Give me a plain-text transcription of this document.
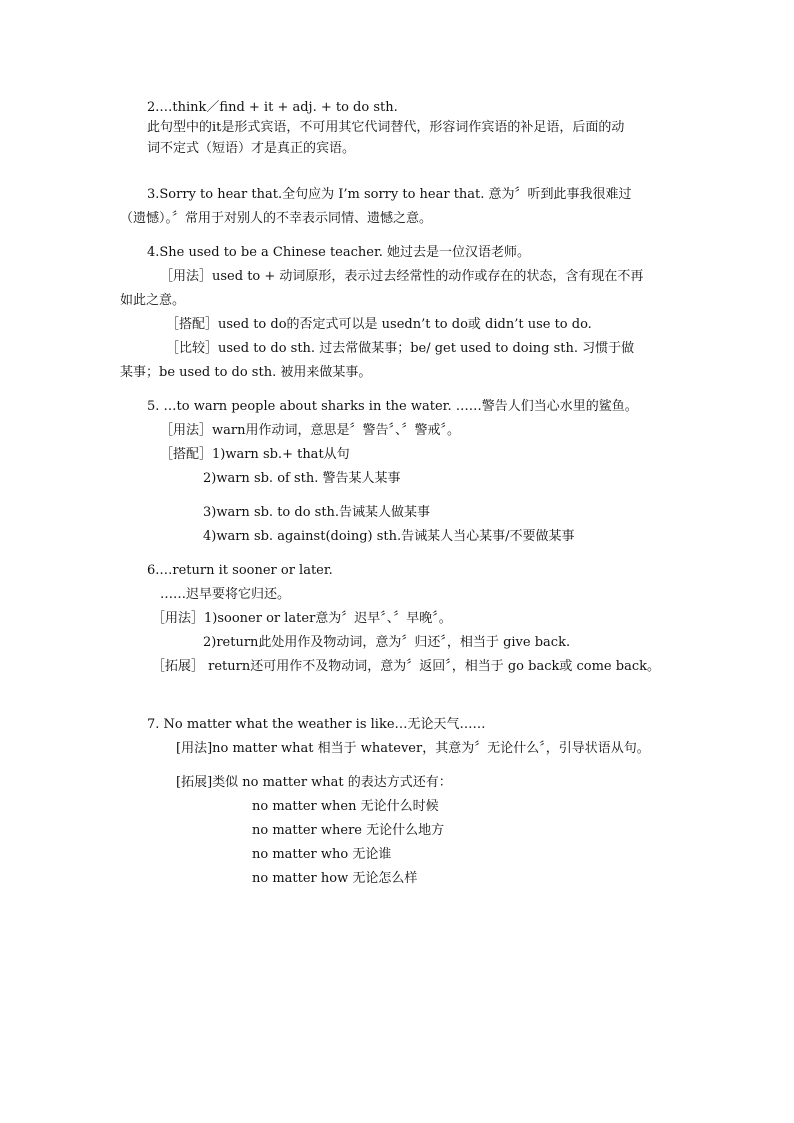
2.…think／find + it + adj. + to do sth.
此句型中的it是形式宾语，不可用其它代词替代，形容词作宾语的补足语，后面的动
词不定式（短语）才是真正的宾语。
3.Sorry to hear that.全句应为 I’m sorry to hear that. 意为〞听到此事我很难过
（遗憾）。〞常用于对别人的不幸表示同情、遗憾之意。
4.She used to be a Chinese teacher. 她过去是一位汉语老师。
［用法］used to + 动词原形，表示过去经常性的动作或存在的状态，含有现在不再
如此之意。
［搭配］used to do的否定式可以是 usedn’t to do或 didn’t use to do.
［比较］used to do sth. 过去常做某事；be/ get used to doing sth. 习惯于做
某事；be used to do sth. 被用来做某事。
5. …to warn people about sharks in the water. ……警告人们当心水里的鲨鱼。
［用法］warn用作动词，意思是〞警告〞、〞警戒〞。
［搭配］1)warn sb.+ that从句
2)warn sb. of sth. 警告某人某事
3)warn sb. to do sth.告诫某人做某事
4)warn sb. against(doing) sth.告诫某人当心某事/不要做某事
6.…return it sooner or later.
……迟早要将它归还。
［用法］1)sooner or later意为〞迟早〞、〞早晚〞。
2)return此处用作及物动词，意为〞归还〞，相当于 give back.
［拓展］ return还可用作不及物动词，意为〞返回〞，相当于 go back或 come back。
7. No matter what the weather is like…无论天气……
[用法]no matter what 相当于 whatever，其意为〞无论什么〞，引导状语从句。
[拓展]类似 no matter what 的表达方式还有：
no matter when 无论什么时候
no matter where 无论什么地方
no matter who 无论谁
no matter how 无论怎么样
